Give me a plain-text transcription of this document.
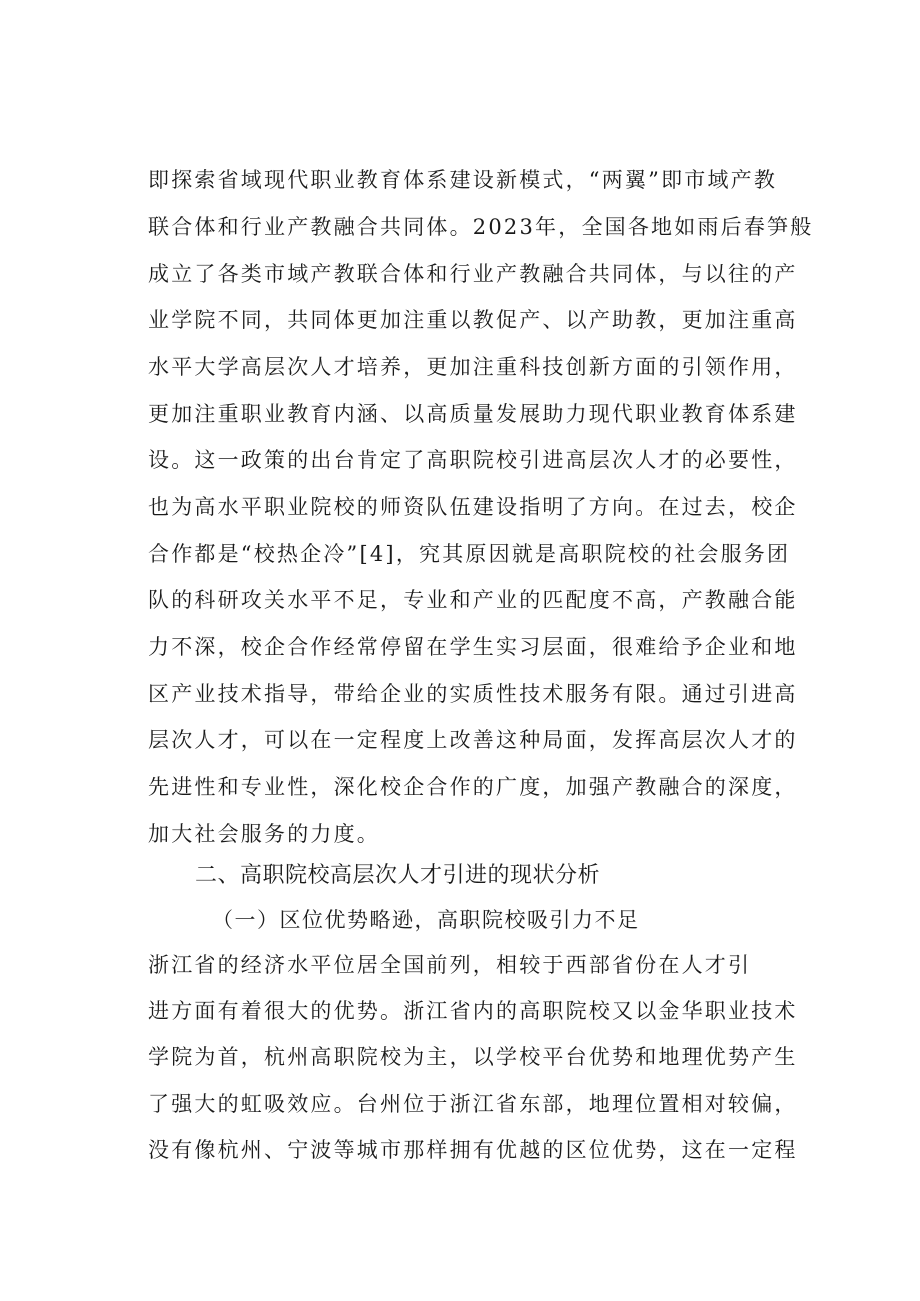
即探索省域现代职业教育体系建设新模式，“两翼”即市域产教
联合体和行业产教融合共同体。2023年，全国各地如雨后春笋般
成立了各类市域产教联合体和行业产教融合共同体，与以往的产
业学院不同，共同体更加注重以教促产、以产助教，更加注重高
水平大学高层次人才培养，更加注重科技创新方面的引领作用，
更加注重职业教育内涵、以高质量发展助力现代职业教育体系建
设。这一政策的出台肯定了高职院校引进高层次人才的必要性，
也为高水平职业院校的师资队伍建设指明了方向。在过去，校企
合作都是“校热企冷”[4]，究其原因就是高职院校的社会服务团
队的科研攻关水平不足，专业和产业的匹配度不高，产教融合能
力不深，校企合作经常停留在学生实习层面，很难给予企业和地
区产业技术指导，带给企业的实质性技术服务有限。通过引进高
层次人才，可以在一定程度上改善这种局面，发挥高层次人才的
先进性和专业性，深化校企合作的广度，加强产教融合的深度，
加大社会服务的力度。
二、高职院校高层次人才引进的现状分析
（一）区位优势略逊，高职院校吸引力不足
浙江省的经济水平位居全国前列，相较于西部省份在人才引
进方面有着很大的优势。浙江省内的高职院校又以金华职业技术
学院为首，杭州高职院校为主，以学校平台优势和地理优势产生
了强大的虹吸效应。台州位于浙江省东部，地理位置相对较偏，
没有像杭州、宁波等城市那样拥有优越的区位优势，这在一定程
